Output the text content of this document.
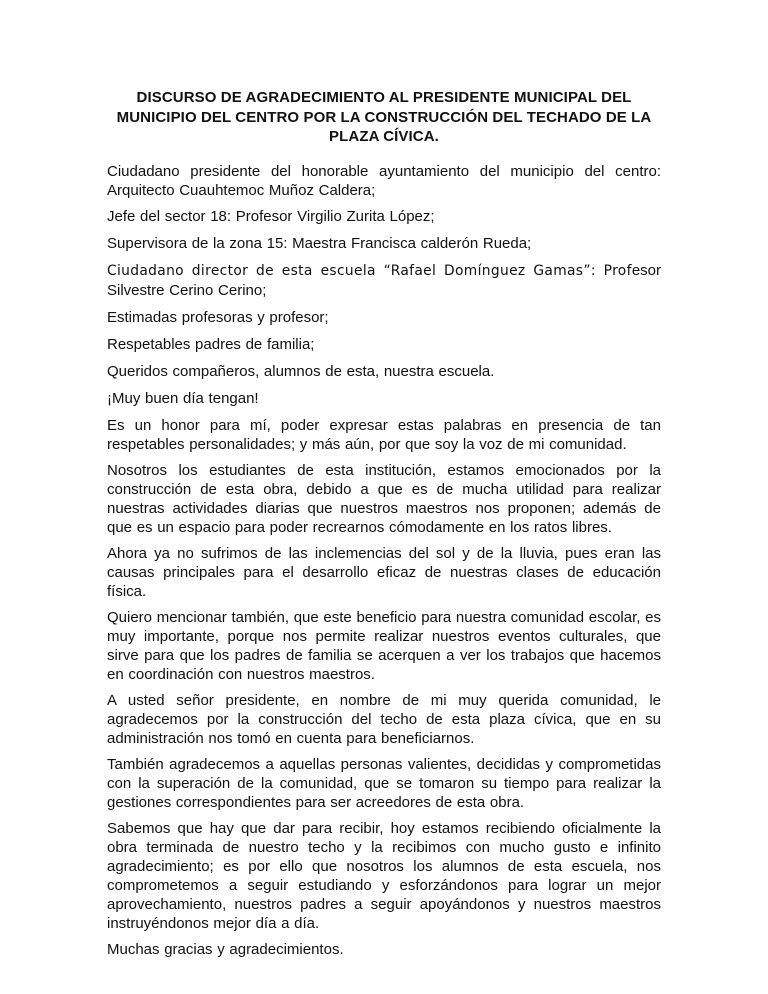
DISCURSO DE AGRADECIMIENTO AL PRESIDENTE MUNICIPAL DEL
MUNICIPIO DEL CENTRO POR LA CONSTRUCCIÓN DEL TECHADO DE LA
PLAZA CÍVICA.

Ciudadano presidente del honorable ayuntamiento del municipio del centro: Arquitecto Cuauhtemoc Muñoz Caldera;

Jefe del sector 18: Profesor Virgilio Zurita López;

Supervisora de la zona 15: Maestra Francisca calderón Rueda;

Ciudadano director de esta escuela “Rafael Domínguez Gamas”: Profesor Silvestre Cerino Cerino;

Estimadas profesoras y profesor;

Respetables padres de familia;

Queridos compañeros, alumnos de esta, nuestra escuela.

¡Muy buen día tengan!

Es un honor para mí, poder expresar estas palabras en presencia de tan respetables personalidades; y más aún, por que soy la voz de mi comunidad.

Nosotros los estudiantes de esta institución, estamos emocionados por la construcción de esta obra, debido a que es de mucha utilidad para realizar nuestras actividades diarias que nuestros maestros nos proponen; además de que es un espacio para poder recrearnos cómodamente en los ratos libres.

Ahora ya no sufrimos de las inclemencias del sol y de la lluvia, pues eran las causas principales para el desarrollo eficaz de nuestras clases de educación física.

Quiero mencionar también, que este beneficio para nuestra comunidad escolar, es muy importante, porque nos permite realizar nuestros eventos culturales, que sirve para que los padres de familia se acerquen a ver los trabajos que hacemos en coordinación con nuestros maestros.

A usted señor presidente, en nombre de mi muy querida comunidad, le agradecemos por la construcción del techo de esta plaza cívica, que en su administración nos tomó en cuenta para beneficiarnos.

También agradecemos a aquellas personas valientes, decididas y comprometidas con la superación de la comunidad, que se tomaron su tiempo para realizar la gestiones correspondientes para ser acreedores de esta obra.

Sabemos que hay que dar para recibir, hoy estamos recibiendo oficialmente la obra terminada de nuestro techo y la recibimos con mucho gusto e infinito agradecimiento; es por ello que nosotros los alumnos de esta escuela, nos comprometemos a seguir estudiando y esforzándonos para lograr un mejor aprovechamiento, nuestros padres a seguir apoyándonos y nuestros maestros instruyéndonos mejor día a día.

Muchas gracias y agradecimientos.
